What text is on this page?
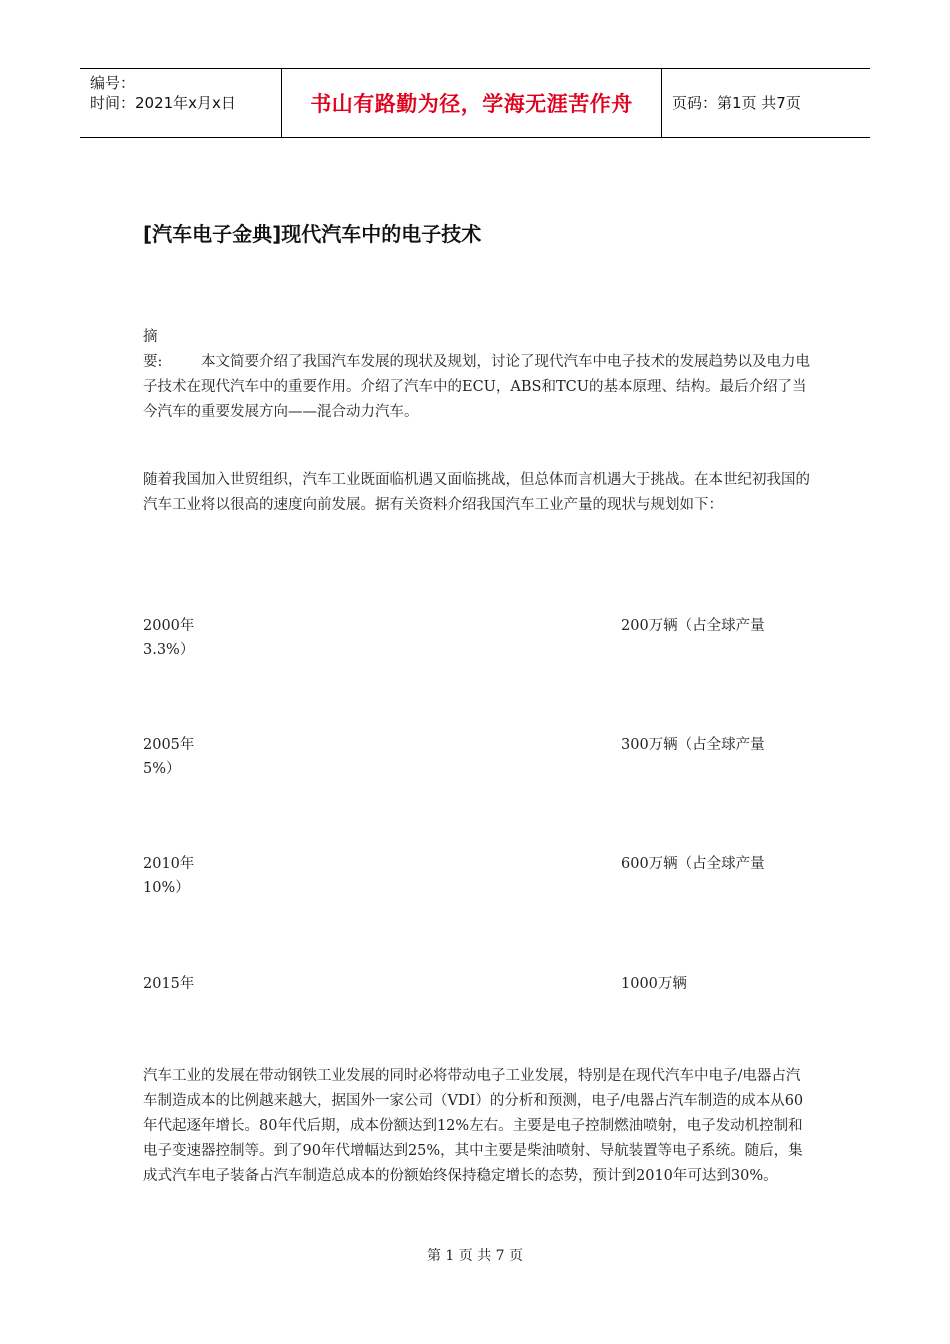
编号：
时间：2021年x月x日	书山有路勤为径，学海无涯苦作舟	页码：第1页 共7页
[汽车电子金典]现代汽车中的电子技术

摘　　要:	本文简要介绍了我国汽车发展的现状及规划，讨论了现代汽车中电子技术的发展趋势以及电力电子技术在现代汽车中的重要作用。介绍了汽车中的ECU，ABS和TCU的基本原理、结构。最后介绍了当今汽车的重要发展方向——混合动力汽车。

随着我国加入世贸组织，汽车工业既面临机遇又面临挑战，但总体而言机遇大于挑战。在本世纪初我国的汽车工业将以很高的速度向前发展。据有关资料介绍我国汽车工业产量的现状与规划如下：

2000年	200万辆（占全球产量
3.3%）
2005年	300万辆（占全球产量
5%）
2010年	600万辆（占全球产量
10%）
2015年	1000万辆

汽车工业的发展在带动钢铁工业发展的同时必将带动电子工业发展，特别是在现代汽车中电子/电器占汽车制造成本的比例越来越大，据国外一家公司（VDI）的分析和预测，电子/电器占汽车制造的成本从60年代起逐年增长。80年代后期，成本份额达到12%左右。主要是电子控制燃油喷射，电子发动机控制和电子变速器控制等。到了90年代增幅达到25%，其中主要是柴油喷射、导航装置等电子系统。随后，集成式汽车电子装备占汽车制造总成本的份额始终保持稳定增长的态势，预计到2010年可达到30%。

第 1 页 共 7 页
